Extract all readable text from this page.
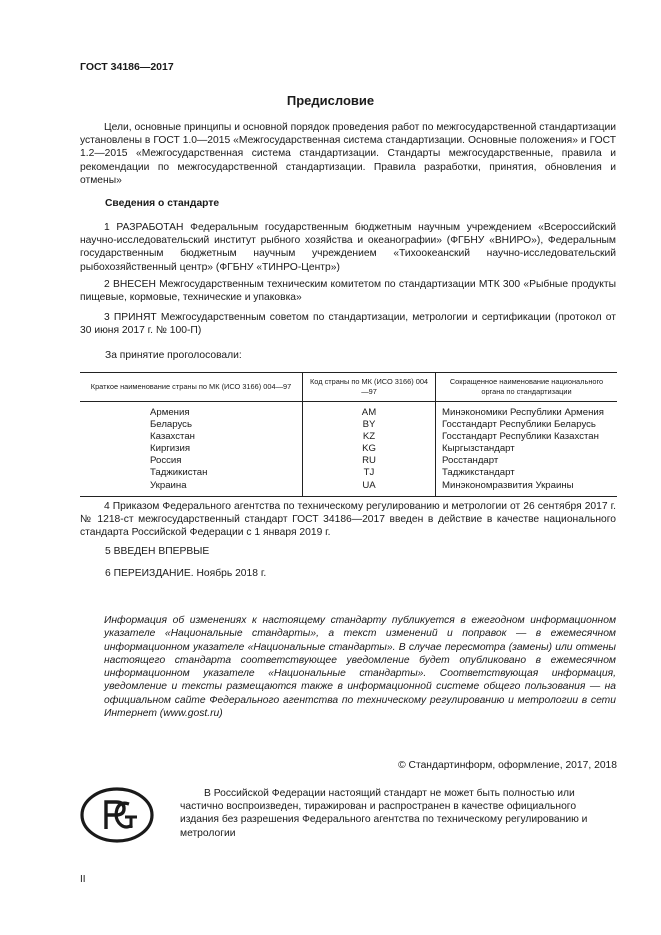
ГОСТ 34186—2017
Предисловие

Цели, основные принципы и основной порядок проведения работ по межгосударственной стандартизации установлены в ГОСТ 1.0—2015 «Межгосударственная система стандартизации. Основные положения» и ГОСТ 1.2—2015 «Межгосударственная система стандартизации. Стандарты межгосударственные, правила и рекомендации по межгосударственной стандартизации. Правила разработки, принятия, обновления и отмены»

Сведения о стандарте

1 РАЗРАБОТАН Федеральным государственным бюджетным научным учреждением «Всероссийский научно-исследовательский институт рыбного хозяйства и океанографии» (ФГБНУ «ВНИРО»), Федеральным государственным бюджетным научным учреждением «Тихоокеанский научно-исследовательский рыбохозяйственный центр» (ФГБНУ «ТИНРО-Центр»)

2 ВНЕСЕН Межгосударственным техническим комитетом по стандартизации МТК 300 «Рыбные продукты пищевые, кормовые, технические и упаковка»

3 ПРИНЯТ Межгосударственным советом по стандартизации, метрологии и сертификации (протокол от 30 июня 2017 г. № 100-П)

За принятие проголосовали:
Краткое наименование страны по МК (ИСО 3166) 004—97	Код страны по МК (ИСО 3166) 004—97	Сокращенное наименование национального органа по стандартизации
Армения	AM	Минэкономики Республики Армения
Беларусь	BY	Госстандарт Республики Беларусь
Казахстан	KZ	Госстандарт Республики Казахстан
Киргизия	KG	Кыргызстандарт
Россия	RU	Росстандарт
Таджикистан	TJ	Таджикстандарт
Украина	UA	Минэкономразвития Украины

4 Приказом Федерального агентства по техническому регулированию и метрологии от 26 сентября 2017 г. № 1218-ст межгосударственный стандарт ГОСТ 34186—2017 введен в действие в качестве национального стандарта Российской Федерации с 1 января 2019 г.

5 ВВЕДЕН ВПЕРВЫЕ
6 ПЕРЕИЗДАНИЕ. Ноябрь 2018 г.

Информация об изменениях к настоящему стандарту публикуется в ежегодном информационном указателе «Национальные стандарты», а текст изменений и поправок — в ежемесячном информационном указателе «Национальные стандарты». В случае пересмотра (замены) или отмены настоящего стандарта соответствующее уведомление будет опубликовано в ежемесячном информационном указателе «Национальные стандарты». Соответствующая информация, уведомление и тексты размещаются также в информационной системе общего пользования — на официальном сайте Федерального агентства по техническому регулированию и метрологии в сети Интернет (www.gost.ru)

© Стандартинформ, оформление, 2017, 2018

В Российской Федерации настоящий стандарт не может быть полностью или частично воспроизведен, тиражирован и распространен в качестве официального издания без разрешения Федерального агентства по техническому регулированию и метрологии

II
